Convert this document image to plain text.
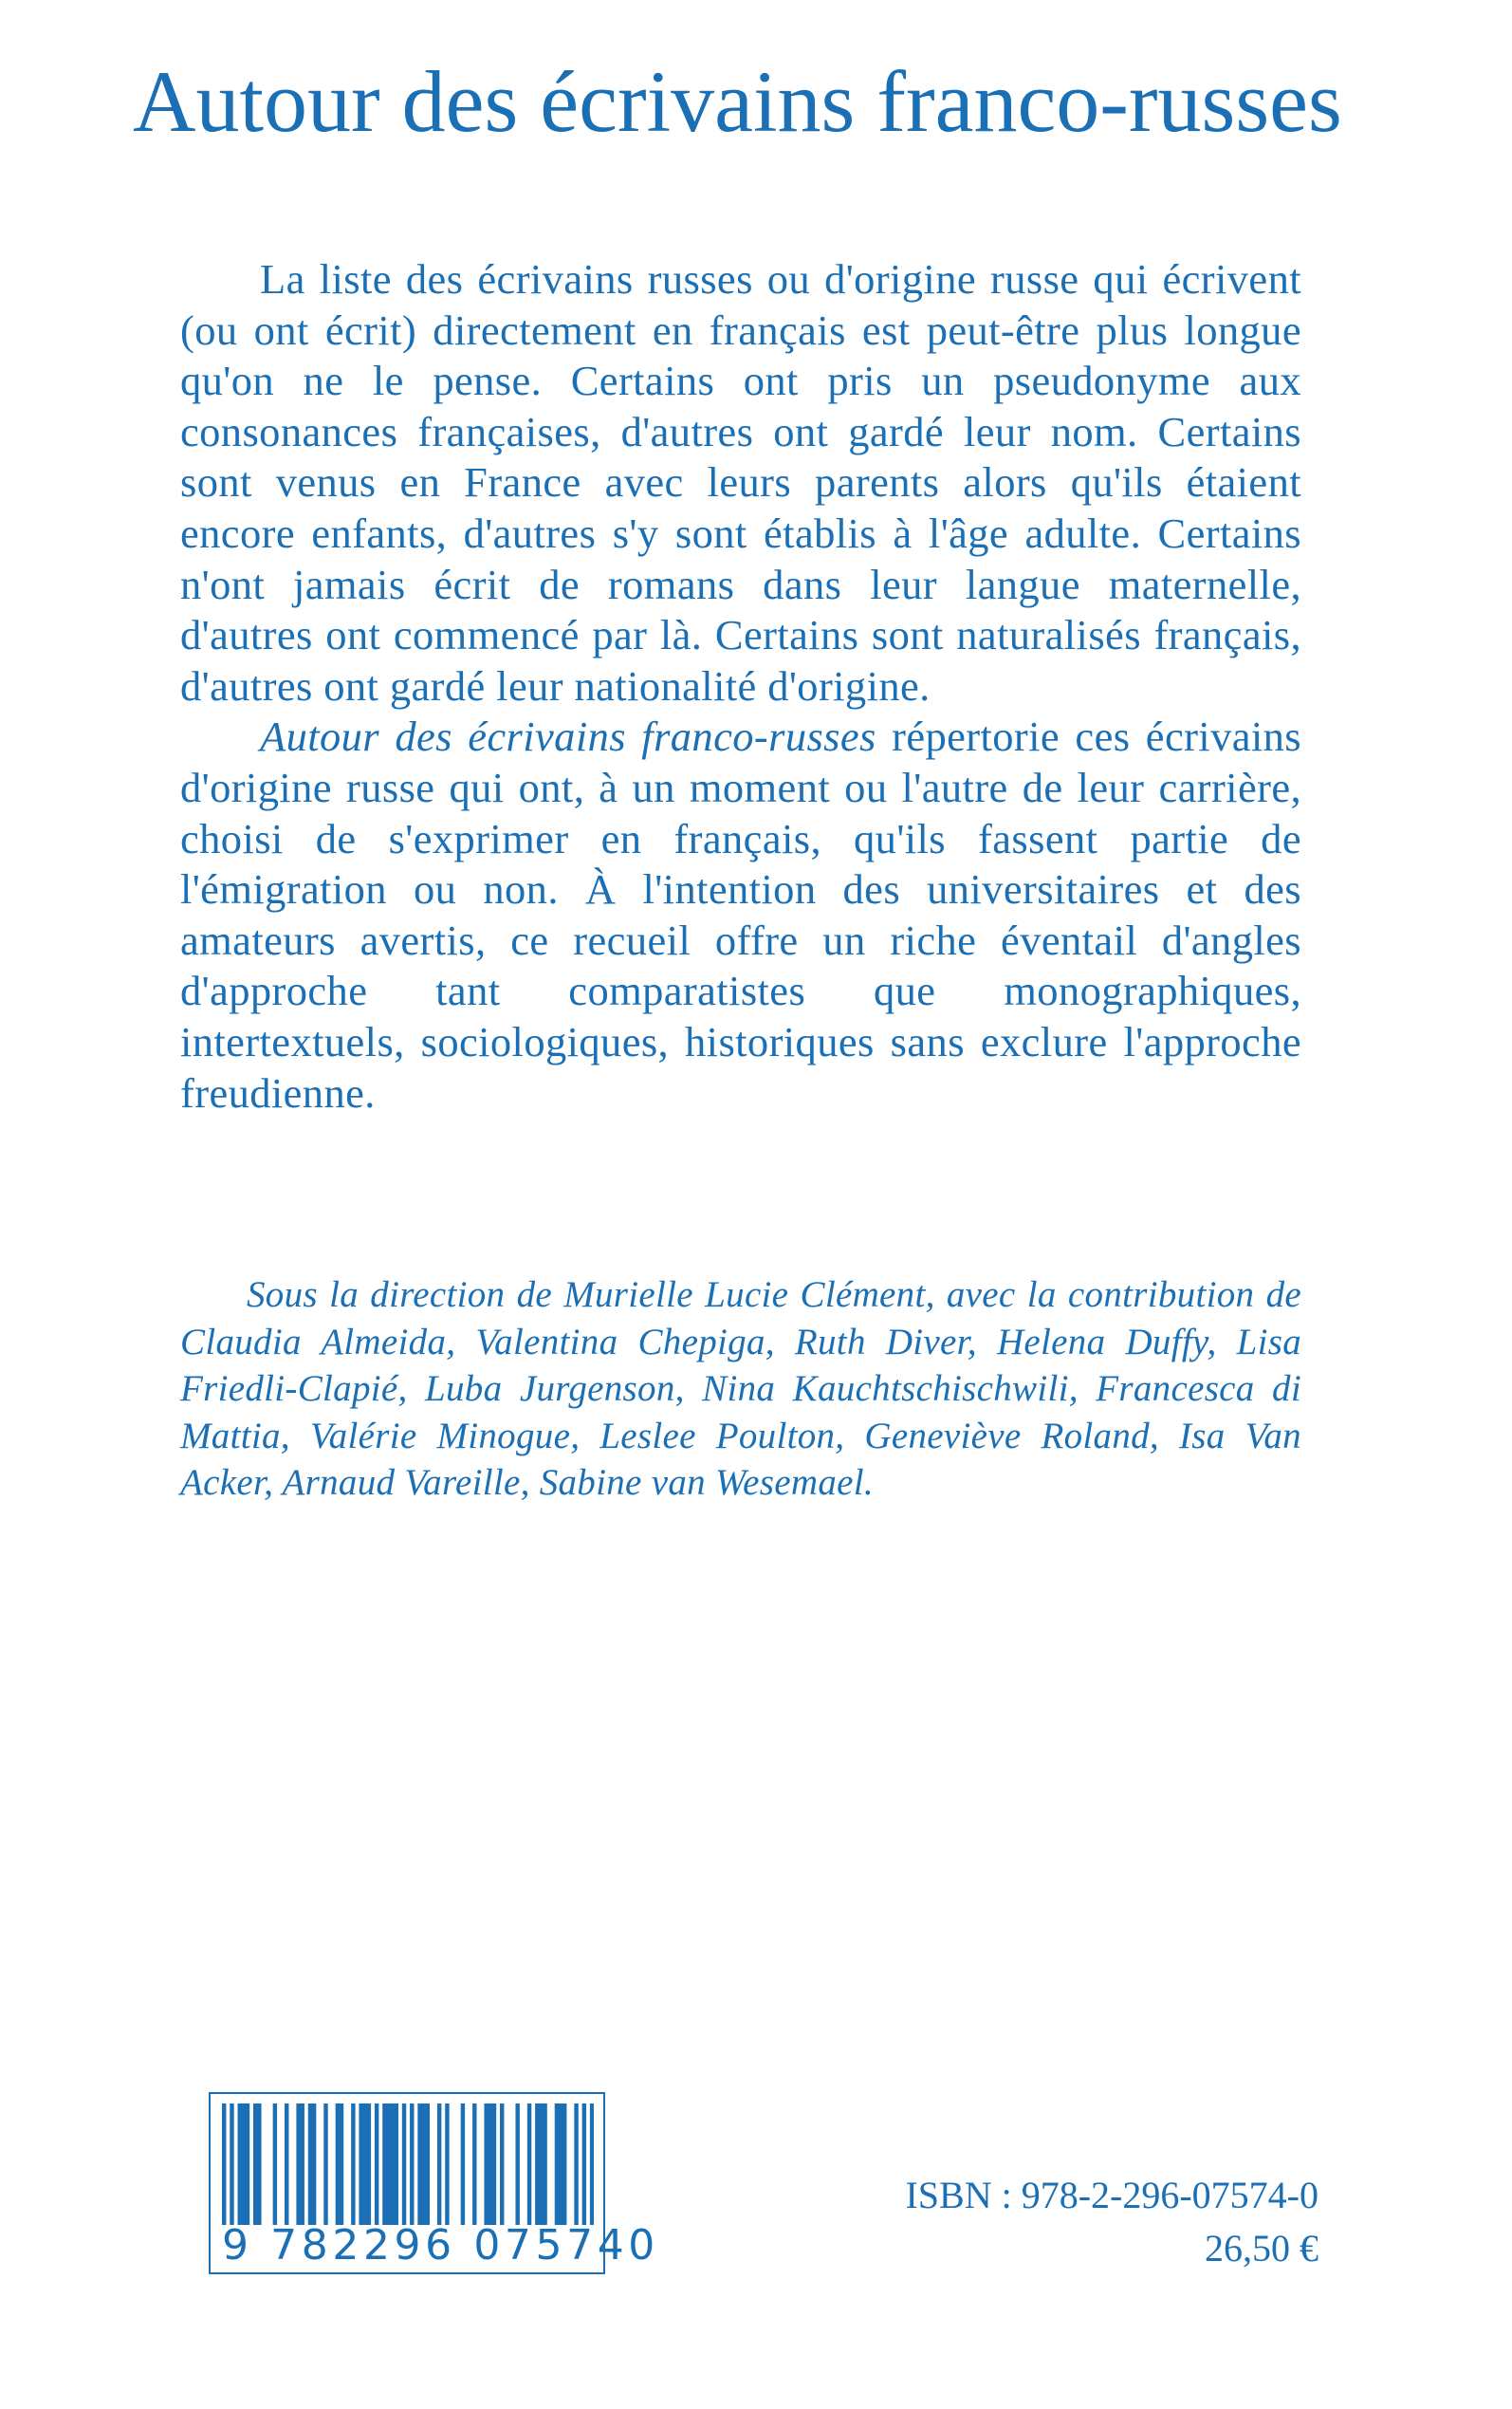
Autour des écrivains franco-russes

La liste des écrivains russes ou d'origine russe qui écrivent (ou ont écrit) directement en français est peut-être plus longue qu'on ne le pense. Certains ont pris un pseudonyme aux consonances françaises, d'autres ont gardé leur nom. Certains sont venus en France avec leurs parents alors qu'ils étaient encore enfants, d'autres s'y sont établis à l'âge adulte. Certains n'ont jamais écrit de romans dans leur langue maternelle, d'autres ont commencé par là. Certains sont naturalisés français, d'autres ont gardé leur nationalité d'origine.

Autour des écrivains franco-russes répertorie ces écrivains d'origine russe qui ont, à un moment ou l'autre de leur carrière, choisi de s'exprimer en français, qu'ils fassent partie de l'émigration ou non. À l'intention des universitaires et des amateurs avertis, ce recueil offre un riche éventail d'angles d'approche tant comparatistes que monographiques, intertextuels, sociologiques, historiques sans exclure l'approche freudienne.

Sous la direction de Murielle Lucie Clément, avec la contribution de Claudia Almeida, Valentina Chepiga, Ruth Diver, Helena Duffy, Lisa Friedli-Clapié, Luba Jurgenson, Nina Kauchtschischwili, Francesca di Mattia, Valérie Minogue, Leslee Poulton, Geneviève Roland, Isa Van Acker, Arnaud Vareille, Sabine van Wesemael.

9 782296 075740
ISBN : 978-2-296-07574-0
26,50 €
